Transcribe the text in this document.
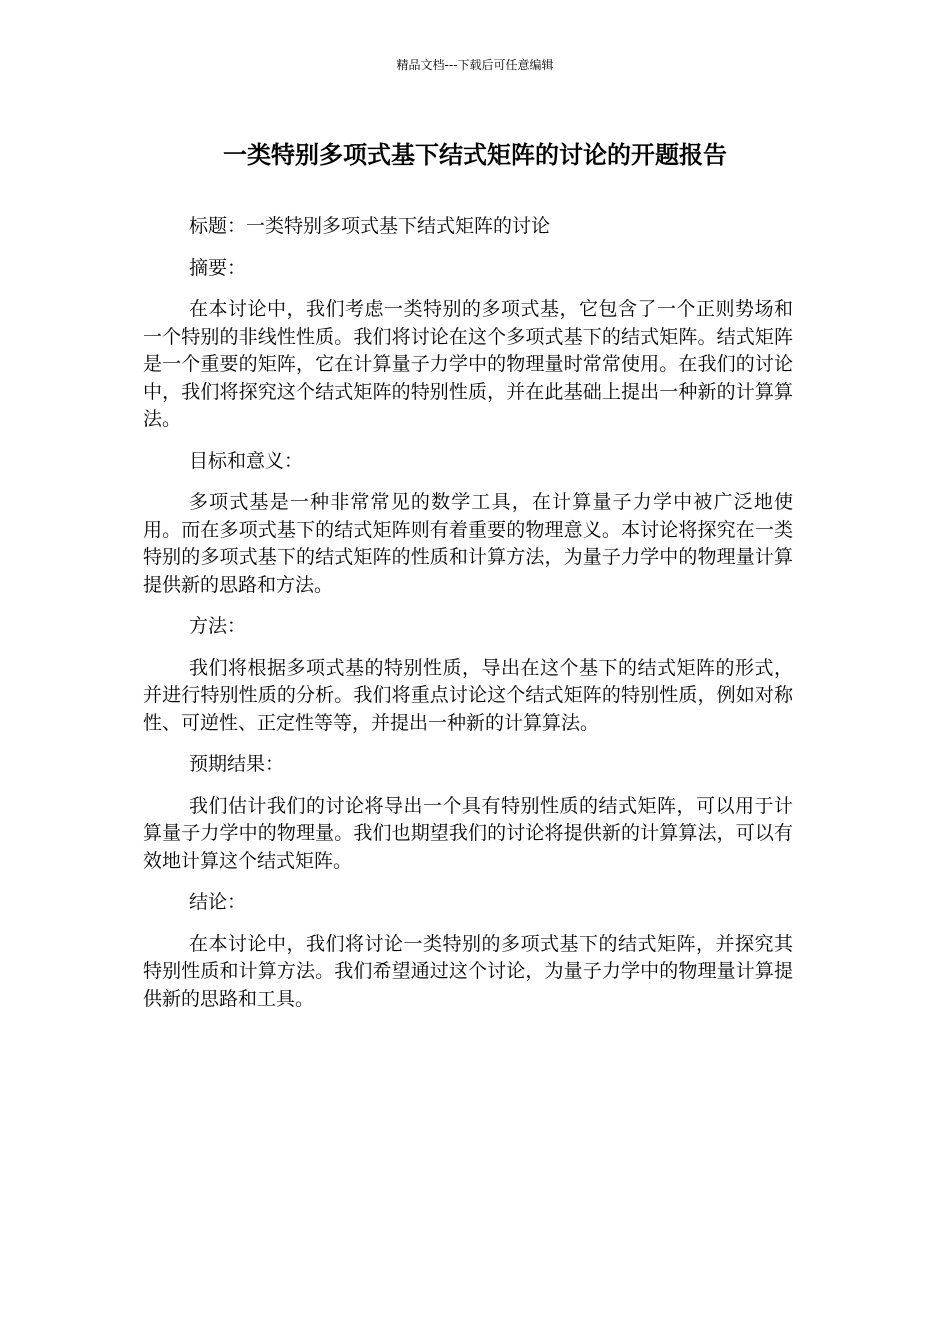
精品文档---下载后可任意编辑
一类特别多项式基下结式矩阵的讨论的开题报告

标题：一类特别多项式基下结式矩阵的讨论

摘要：

在本讨论中，我们考虑一类特别的多项式基，它包含了一个正则势场和一个特别的非线性性质。我们将讨论在这个多项式基下的结式矩阵。结式矩阵是一个重要的矩阵，它在计算量子力学中的物理量时常常使用。在我们的讨论中，我们将探究这个结式矩阵的特别性质，并在此基础上提出一种新的计算算法。

目标和意义：

多项式基是一种非常常见的数学工具，在计算量子力学中被广泛地使用。而在多项式基下的结式矩阵则有着重要的物理意义。本讨论将探究在一类特别的多项式基下的结式矩阵的性质和计算方法，为量子力学中的物理量计算提供新的思路和方法。

方法：

我们将根据多项式基的特别性质，导出在这个基下的结式矩阵的形式，并进行特别性质的分析。我们将重点讨论这个结式矩阵的特别性质，例如对称性、可逆性、正定性等等，并提出一种新的计算算法。

预期结果：

我们估计我们的讨论将导出一个具有特别性质的结式矩阵，可以用于计算量子力学中的物理量。我们也期望我们的讨论将提供新的计算算法，可以有效地计算这个结式矩阵。

结论：

在本讨论中，我们将讨论一类特别的多项式基下的结式矩阵，并探究其特别性质和计算方法。我们希望通过这个讨论，为量子力学中的物理量计算提供新的思路和工具。
